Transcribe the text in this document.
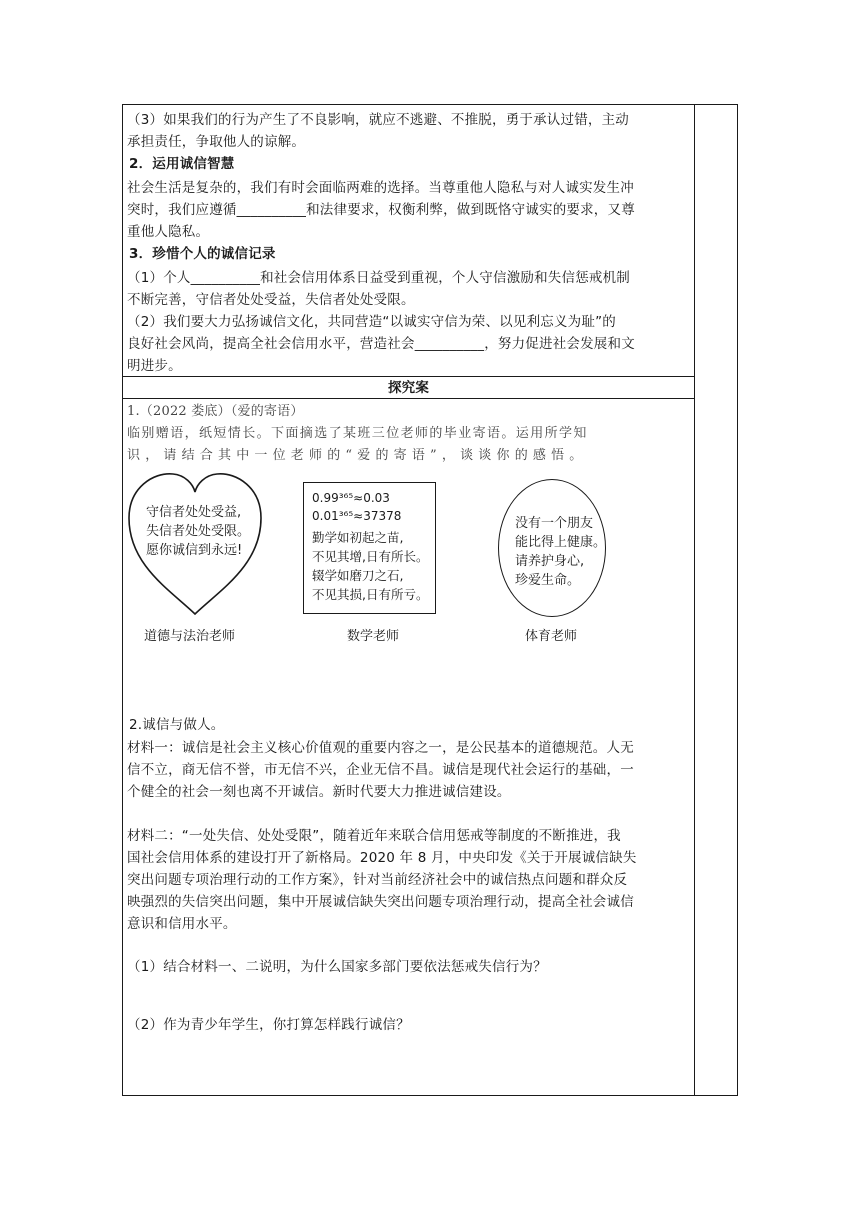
（3）如果我们的行为产生了不良影响，就应不逃避、不推脱，勇于承认过错，主动
承担责任，争取他人的谅解。
2．运用诚信智慧
社会生活是复杂的，我们有时会面临两难的选择。当尊重他人隐私与对人诚实发生冲
突时，我们应遵循__________和法律要求，权衡利弊，做到既恪守诚实的要求，又尊
重他人隐私。
3．珍惜个人的诚信记录
（1）个人__________和社会信用体系日益受到重视，个人守信激励和失信惩戒机制
不断完善，守信者处处受益，失信者处处受限。
（2）我们要大力弘扬诚信文化，共同营造“以诚实守信为荣、以见利忘义为耻”的
良好社会风尚，提高全社会信用水平，营造社会__________，努力促进社会发展和文
明进步。
探究案
1.（2022 娄底）（爱的寄语）
临别赠语，纸短情长。下面摘选了某班三位老师的毕业寄语。运用所学知
识，请结合其中一位老师的“爱的寄语”，谈谈你的感悟。
守信者处处受益,
失信者处处受限。
愿你诚信到永远!
道德与法治老师
0.99³⁶⁵≈0.03
0.01³⁶⁵≈37378
勤学如初起之苗,
不见其增,日有所长。
辍学如磨刀之石,
不见其损,日有所亏。
数学老师
没有一个朋友
能比得上健康。
请养护身心,
珍爱生命。
体育老师
2.诚信与做人。
材料一：诚信是社会主义核心价值观的重要内容之一，是公民基本的道德规范。人无
信不立，商无信不誉，市无信不兴，企业无信不昌。诚信是现代社会运行的基础，一
个健全的社会一刻也离不开诚信。新时代要大力推进诚信建设。
材料二：“一处失信、处处受限”，随着近年来联合信用惩戒等制度的不断推进，我
国社会信用体系的建设打开了新格局。2020 年 8 月，中央印发《关于开展诚信缺失
突出问题专项治理行动的工作方案》，针对当前经济社会中的诚信热点问题和群众反
映强烈的失信突出问题，集中开展诚信缺失突出问题专项治理行动，提高全社会诚信
意识和信用水平。
（1）结合材料一、二说明，为什么国家多部门要依法惩戒失信行为？
（2）作为青少年学生，你打算怎样践行诚信？
